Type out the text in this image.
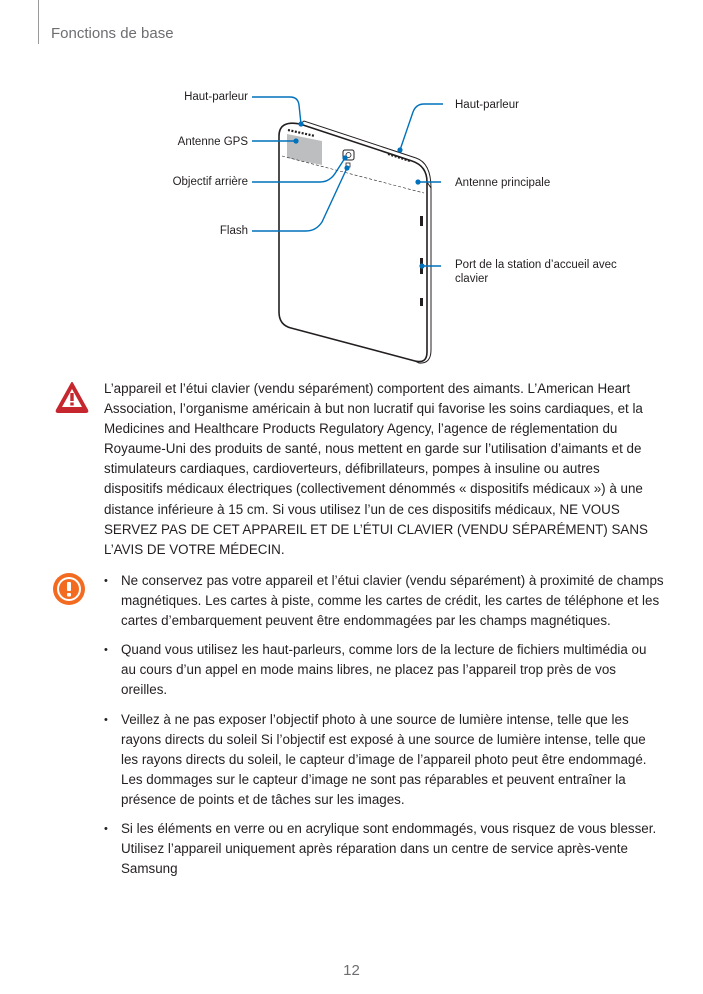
Fonctions de base
Haut-parleur
Haut-parleur
Antenne GPS
Objectif arrière	Antenne principale
Flash
Port de la station d’accueil avec clavier
L’appareil et l’étui clavier (vendu séparément) comportent des aimants. L’American Heart Association, l’organisme américain à but non lucratif qui favorise les soins cardiaques, et la Medicines and Healthcare Products Regulatory Agency, l’agence de réglementation du Royaume-Uni des produits de santé, nous mettent en garde sur l’utilisation d’aimants et de stimulateurs cardiaques, cardioverteurs, défibrillateurs, pompes à insuline ou autres dispositifs médicaux électriques (collectivement dénommés « dispositifs médicaux ») à une distance inférieure à 15 cm. Si vous utilisez l’un de ces dispositifs médicaux, NE VOUS SERVEZ PAS DE CET APPAREIL ET DE L’ÉTUI CLAVIER (VENDU SÉPARÉMENT) SANS L’AVIS DE VOTRE MÉDECIN.
• Ne conservez pas votre appareil et l’étui clavier (vendu séparément) à proximité de champs magnétiques. Les cartes à piste, comme les cartes de crédit, les cartes de téléphone et les cartes d’embarquement peuvent être endommagées par les champs magnétiques.
• Quand vous utilisez les haut-parleurs, comme lors de la lecture de fichiers multimédia ou au cours d’un appel en mode mains libres, ne placez pas l’appareil trop près de vos oreilles.
• Veillez à ne pas exposer l’objectif photo à une source de lumière intense, telle que les rayons directs du soleil Si l’objectif est exposé à une source de lumière intense, telle que les rayons directs du soleil, le capteur d’image de l’appareil photo peut être endommagé. Les dommages sur le capteur d’image ne sont pas réparables et peuvent entraîner la présence de points et de tâches sur les images.
• Si les éléments en verre ou en acrylique sont endommagés, vous risquez de vous blesser. Utilisez l’appareil uniquement après réparation dans un centre de service après-vente Samsung
12
